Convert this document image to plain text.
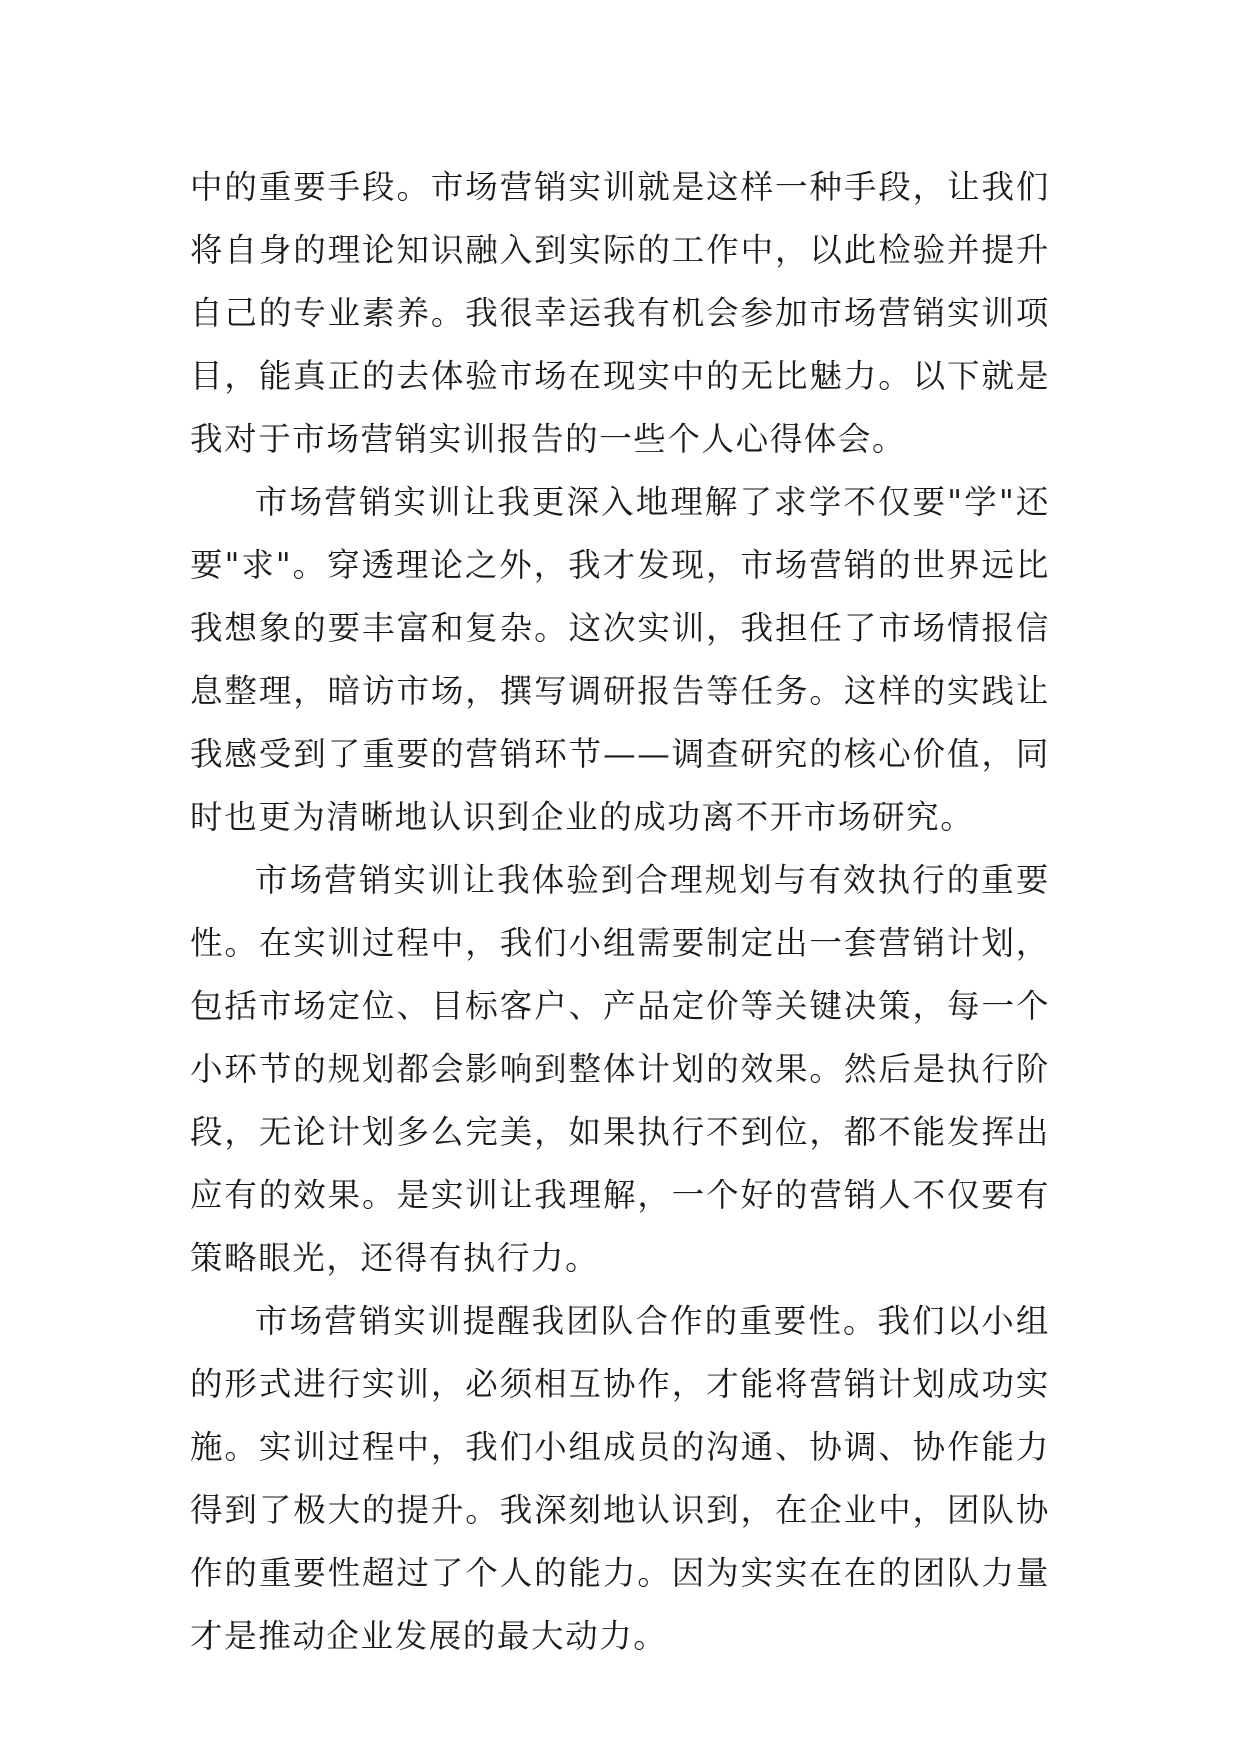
中的重要手段。市场营销实训就是这样一种手段，让我们将自身的理论知识融入到实际的工作中，以此检验并提升自己的专业素养。我很幸运我有机会参加市场营销实训项目，能真正的去体验市场在现实中的无比魅力。以下就是我对于市场营销实训报告的一些个人心得体会。

市场营销实训让我更深入地理解了求学不仅要"学"还要"求"。穿透理论之外，我才发现，市场营销的世界远比我想象的要丰富和复杂。这次实训，我担任了市场情报信息整理，暗访市场，撰写调研报告等任务。这样的实践让我感受到了重要的营销环节——调查研究的核心价值，同时也更为清晰地认识到企业的成功离不开市场研究。

市场营销实训让我体验到合理规划与有效执行的重要性。在实训过程中，我们小组需要制定出一套营销计划，包括市场定位、目标客户、产品定价等关键决策，每一个小环节的规划都会影响到整体计划的效果。然后是执行阶段，无论计划多么完美，如果执行不到位，都不能发挥出应有的效果。是实训让我理解，一个好的营销人不仅要有策略眼光，还得有执行力。

市场营销实训提醒我团队合作的重要性。我们以小组的形式进行实训，必须相互协作，才能将营销计划成功实施。实训过程中，我们小组成员的沟通、协调、协作能力得到了极大的提升。我深刻地认识到，在企业中，团队协作的重要性超过了个人的能力。因为实实在在的团队力量才是推动企业发展的最大动力。
